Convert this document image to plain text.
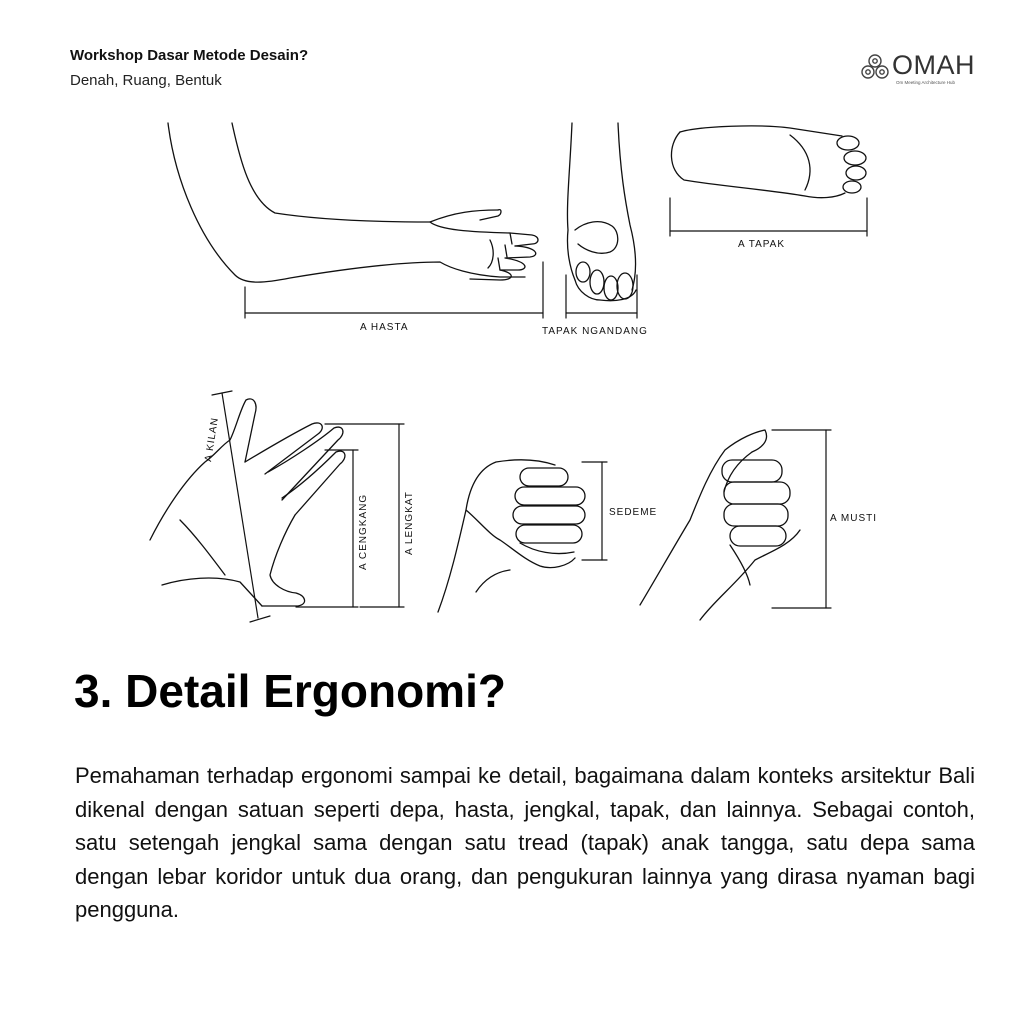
Workshop Dasar Metode Desain?
Denah, Ruang, Bentuk
OMAH
Om Meeting Architecture Hub
A HASTA	TAPAK NGANDANG
A TAPAK
A KILAN
A CENGKANG	A LENGKAT	SEDEME
A MUSTI
3. Detail Ergonomi?

Pemahaman terhadap ergonomi sampai ke detail, bagaimana dalam konteks arsitektur Bali dikenal dengan satuan seperti depa, hasta, jengkal, tapak, dan lainnya. Sebagai contoh, satu setengah jengkal sama dengan satu tread (tapak) anak tangga, satu depa sama dengan lebar koridor untuk dua orang, dan pengukuran lainnya yang dirasa nyaman bagi pengguna.
